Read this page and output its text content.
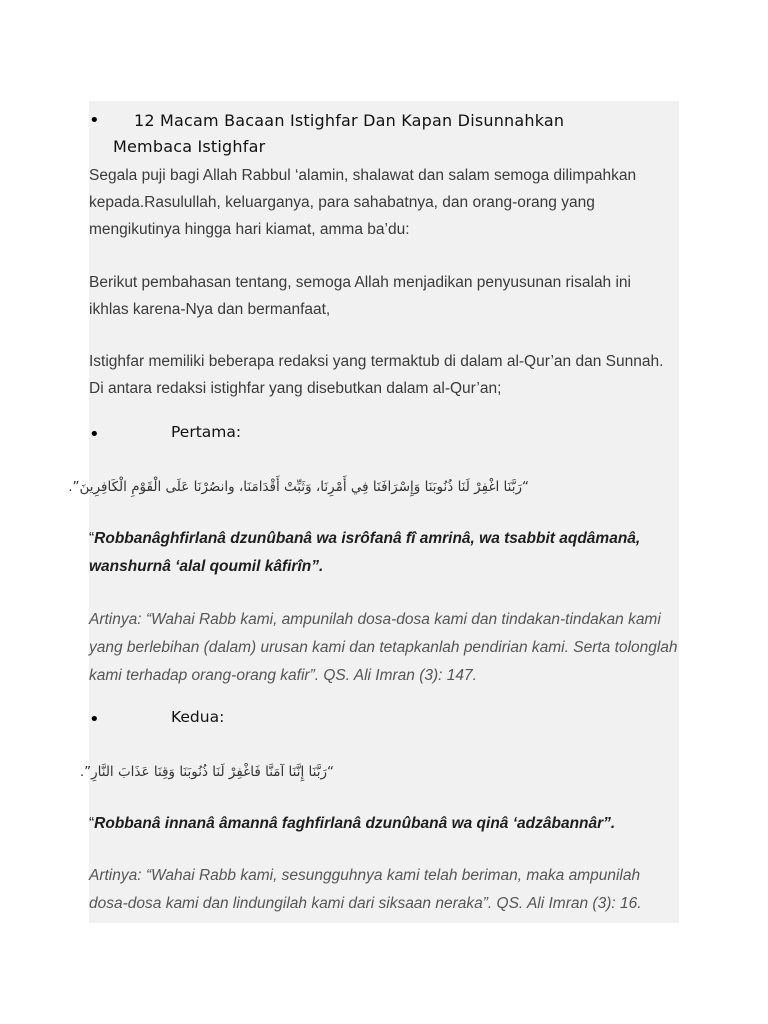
• 12 Macam Bacaan Istighfar Dan Kapan Disunnahkan
Membaca Istighfar
Segala puji bagi Allah Rabbul ‘alamin, shalawat dan salam semoga dilimpahkan kepada.Rasulullah, keluarganya, para sahabatnya, dan orang-orang yang mengikutinya hingga hari kiamat, amma ba’du:
Berikut pembahasan tentang, semoga Allah menjadikan penyusunan risalah ini ikhlas karena-Nya dan bermanfaat,
Istighfar memiliki beberapa redaksi yang termaktub di dalam al-Qur’an dan Sunnah. Di antara redaksi istighfar yang disebutkan dalam al-Qur’an;
•	Pertama:
“رَبَّنَا اغْفِرْ لَنَا ذُنُوبَنَا وَإِسْرَافَنَا فِي أَمْرِنَا، وَثَبِّتْ أَقْدَامَنَا، وانصُرْنَا عَلَى الْقَوْمِ الْكَافِرِينَ”.
“Robbanâghfirlanâ dzunûbanâ wa isrôfanâ fî amrinâ, wa tsabbit aqdâmanâ, wanshurnâ ‘alal qoumil kâfirîn”.
Artinya: “Wahai Rabb kami, ampunilah dosa-dosa kami dan tindakan-tindakan kami yang berlebihan (dalam) urusan kami dan tetapkanlah pendirian kami. Serta tolonglah kami terhadap orang-orang kafir”. QS. Ali Imran (3): 147.
•	Kedua:
“رَبَّنَا إِنَّنَا آمَنَّا فَاغْفِرْ لَنَا ذُنُوبَنَا وَقِنَا عَذَابَ النَّارِ”.
“Robbanâ innanâ âmannâ faghfirlanâ dzunûbanâ wa qinâ ‘adzâbannâr”.
Artinya: “Wahai Rabb kami, sesungguhnya kami telah beriman, maka ampunilah dosa-dosa kami dan lindungilah kami dari siksaan neraka”. QS. Ali Imran (3): 16.
